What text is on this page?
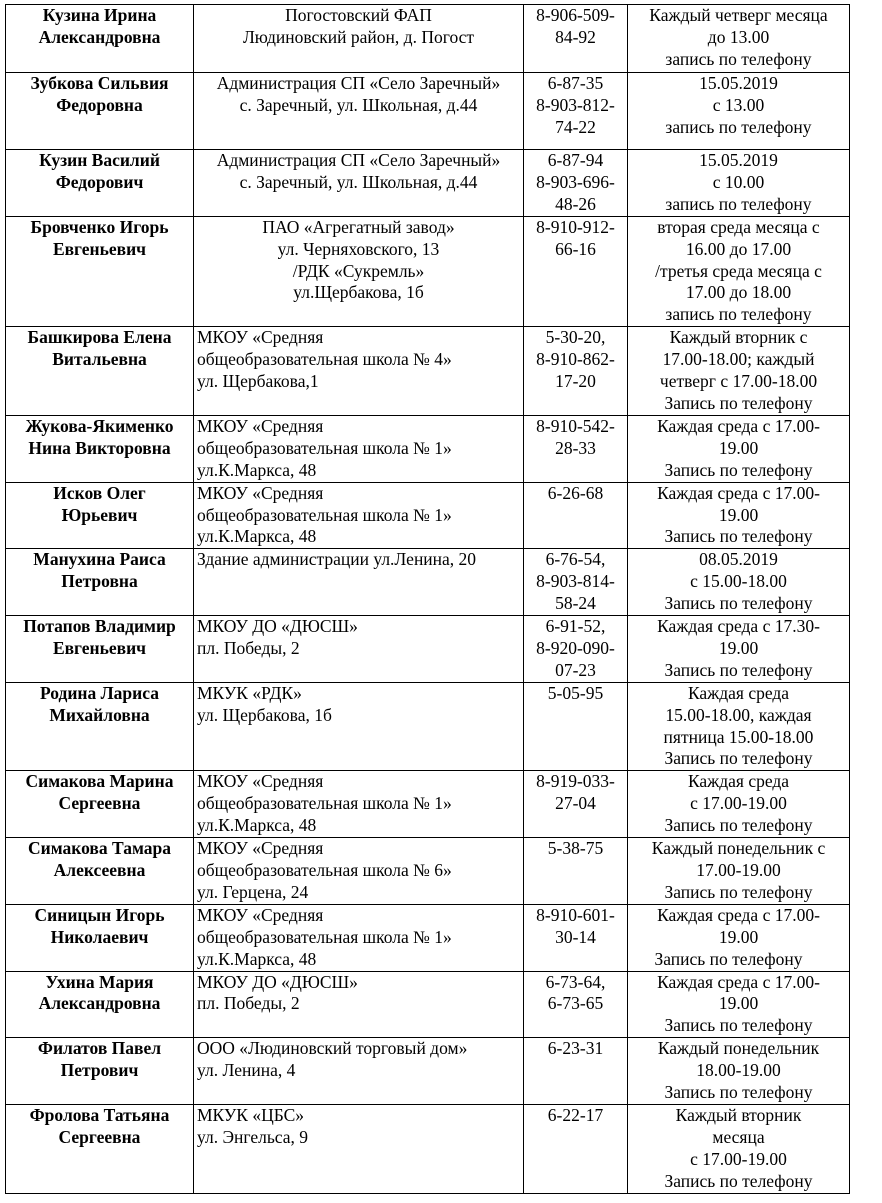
Кузина Ирина
Александровна	Погостовский ФАП
Людиновский район, д. Погост	8-906-509-
84-92	Каждый четверг месяца
до 13.00
запись по телефону

Зубкова Сильвия
Федоровна	Администрация СП «Село Заречный»
с. Заречный, ул. Школьная, д.44	6-87-35
8-903-812-
74-22	15.05.2019
с 13.00
запись по телефону

Кузин Василий
Федорович	Администрация СП «Село Заречный»
с. Заречный, ул. Школьная, д.44	6-87-94
8-903-696-
48-26	15.05.2019
с 10.00
запись по телефону

Бровченко Игорь
Евгеньевич	ПАО «Агрегатный завод»
ул. Черняховского, 13
/РДК «Сукремль»
ул.Щербакова, 1б	8-910-912-
66-16	вторая среда месяца с
16.00 до 17.00
/третья среда месяца с
17.00 до 18.00
запись по телефону

Башкирова Елена
Витальевна	МКОУ «Средняя
общеобразовательная школа № 4»
ул. Щербакова,1	5-30-20,
8-910-862-
17-20	Каждый вторник с
17.00-18.00; каждый
четверг с 17.00-18.00
Запись по телефону

Жукова-Якименко
Нина Викторовна	МКОУ «Средняя
общеобразовательная школа № 1»
ул.К.Маркса, 48	8-910-542-
28-33	Каждая среда с 17.00-
19.00
Запись по телефону

Исков Олег
Юрьевич	МКОУ «Средняя
общеобразовательная школа № 1»
ул.К.Маркса, 48	6-26-68	Каждая среда с 17.00-
19.00
Запись по телефону

Манухина Раиса
Петровна	Здание администрации ул.Ленина, 20	6-76-54,
8-903-814-
58-24	08.05.2019
с 15.00-18.00
Запись по телефону

Потапов Владимир
Евгеньевич	МКОУ ДО «ДЮСШ»
пл. Победы, 2	6-91-52,
8-920-090-
07-23	Каждая среда с 17.30-
19.00
Запись по телефону

Родина Лариса
Михайловна	МКУК «РДК»
ул. Щербакова, 1б	5-05-95	Каждая среда
15.00-18.00, каждая
пятница 15.00-18.00
Запись по телефону

Симакова Марина
Сергеевна	МКОУ «Средняя
общеобразовательная школа № 1»
ул.К.Маркса, 48	8-919-033-
27-04	Каждая среда
с 17.00-19.00
Запись по телефону

Симакова Тамара
Алексеевна	МКОУ «Средняя
общеобразовательная школа № 6»
ул. Герцена, 24	5-38-75	Каждый понедельник с
17.00-19.00
Запись по телефону

Синицын Игорь
Николаевич	МКОУ «Средняя
общеобразовательная школа № 1»
ул.К.Маркса, 48	8-910-601-
30-14	Каждая среда с 17.00-
19.00
Запись по телефону

Ухина Мария
Александровна	МКОУ ДО «ДЮСШ»
пл. Победы, 2	6-73-64,
6-73-65	Каждая среда с 17.00-
19.00
Запись по телефону

Филатов Павел
Петрович	ООО «Людиновский торговый дом»
ул. Ленина, 4	6-23-31	Каждый понедельник
18.00-19.00
Запись по телефону

Фролова Татьяна
Сергеевна	МКУК «ЦБС»
ул. Энгельса, 9	6-22-17	Каждый вторник
месяца
с 17.00-19.00
Запись по телефону
